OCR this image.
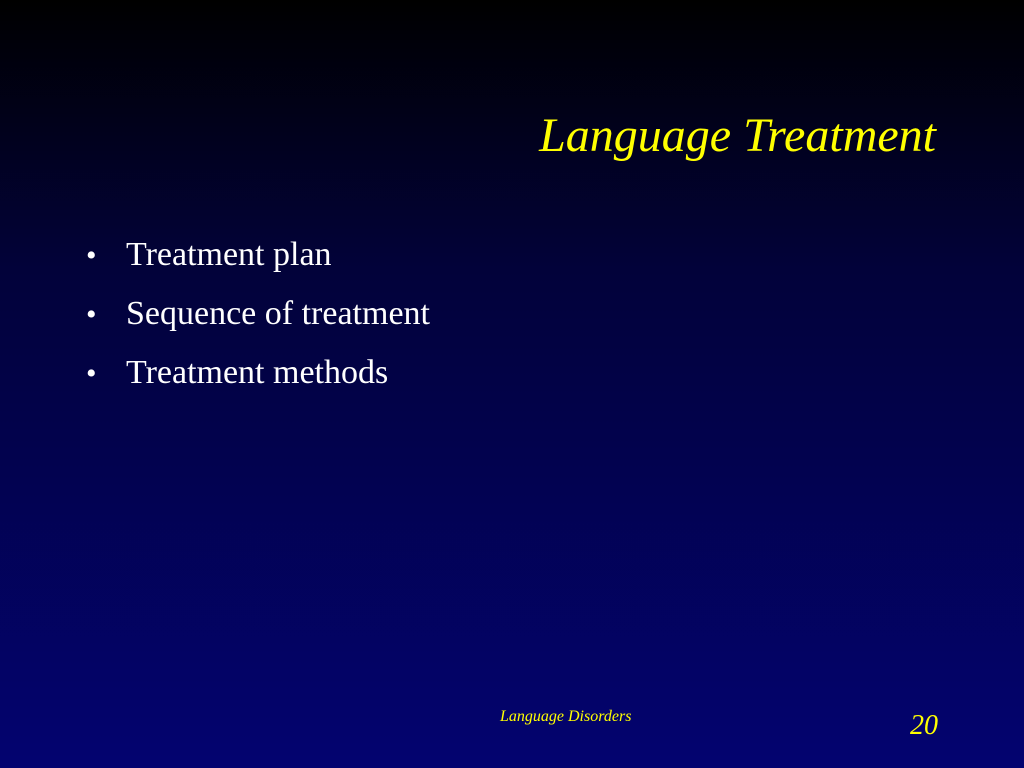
Language Treatment
• Treatment plan
• Sequence of treatment
• Treatment methods
Language Disorders	20
